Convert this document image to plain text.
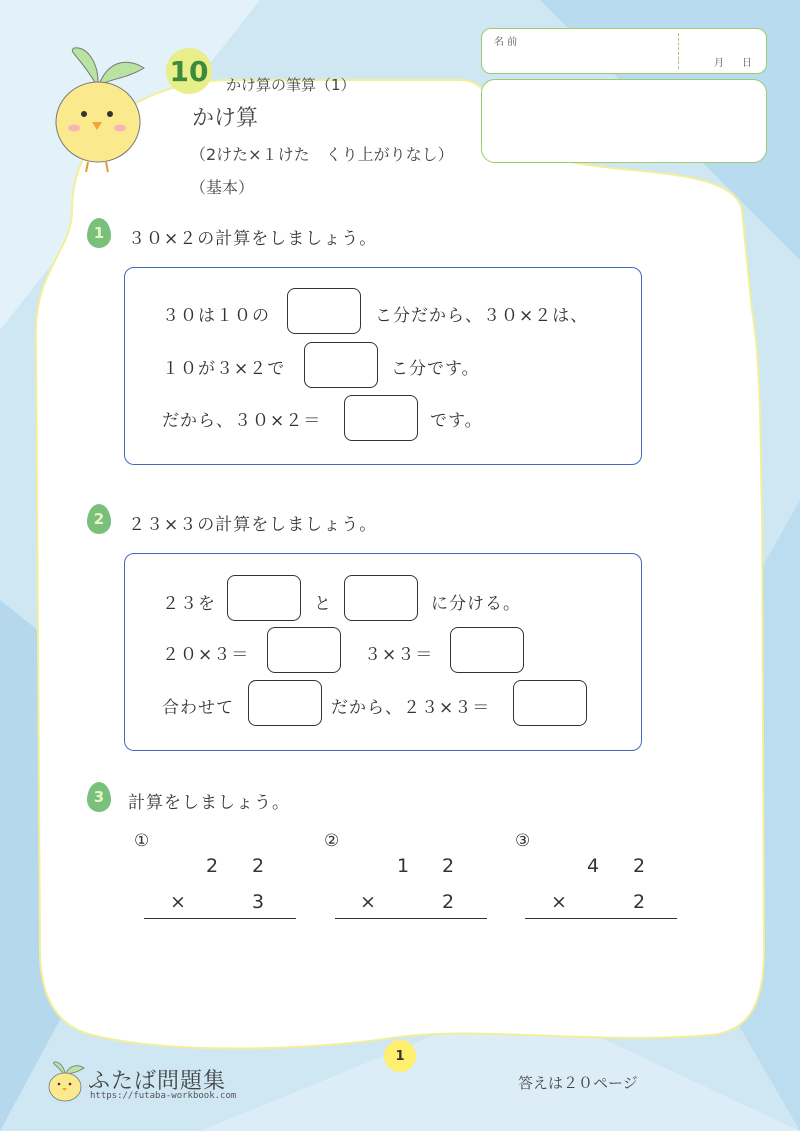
10 かけ算の筆算（1）
かけ算
（2けた×１けた　くり上がりなし）
（基本）
名 前
月 日
1	３０×２の計算をしましょう。
３０は１０の	こ分だから、３０×２は、
１０が３×２で	こ分です。
だから、３０×２＝	です。
2	２３×３の計算をしましょう。
２３を	と	に分ける。
２０×３＝	３×３＝
合わせて	だから、２３×３＝
3	計算をしましょう。
①
2 2
×	3
②
1 2
×	2
③
4 2
×	2
1
ふたば問題集
https://futaba-workbook.com
答えは２０ページ
